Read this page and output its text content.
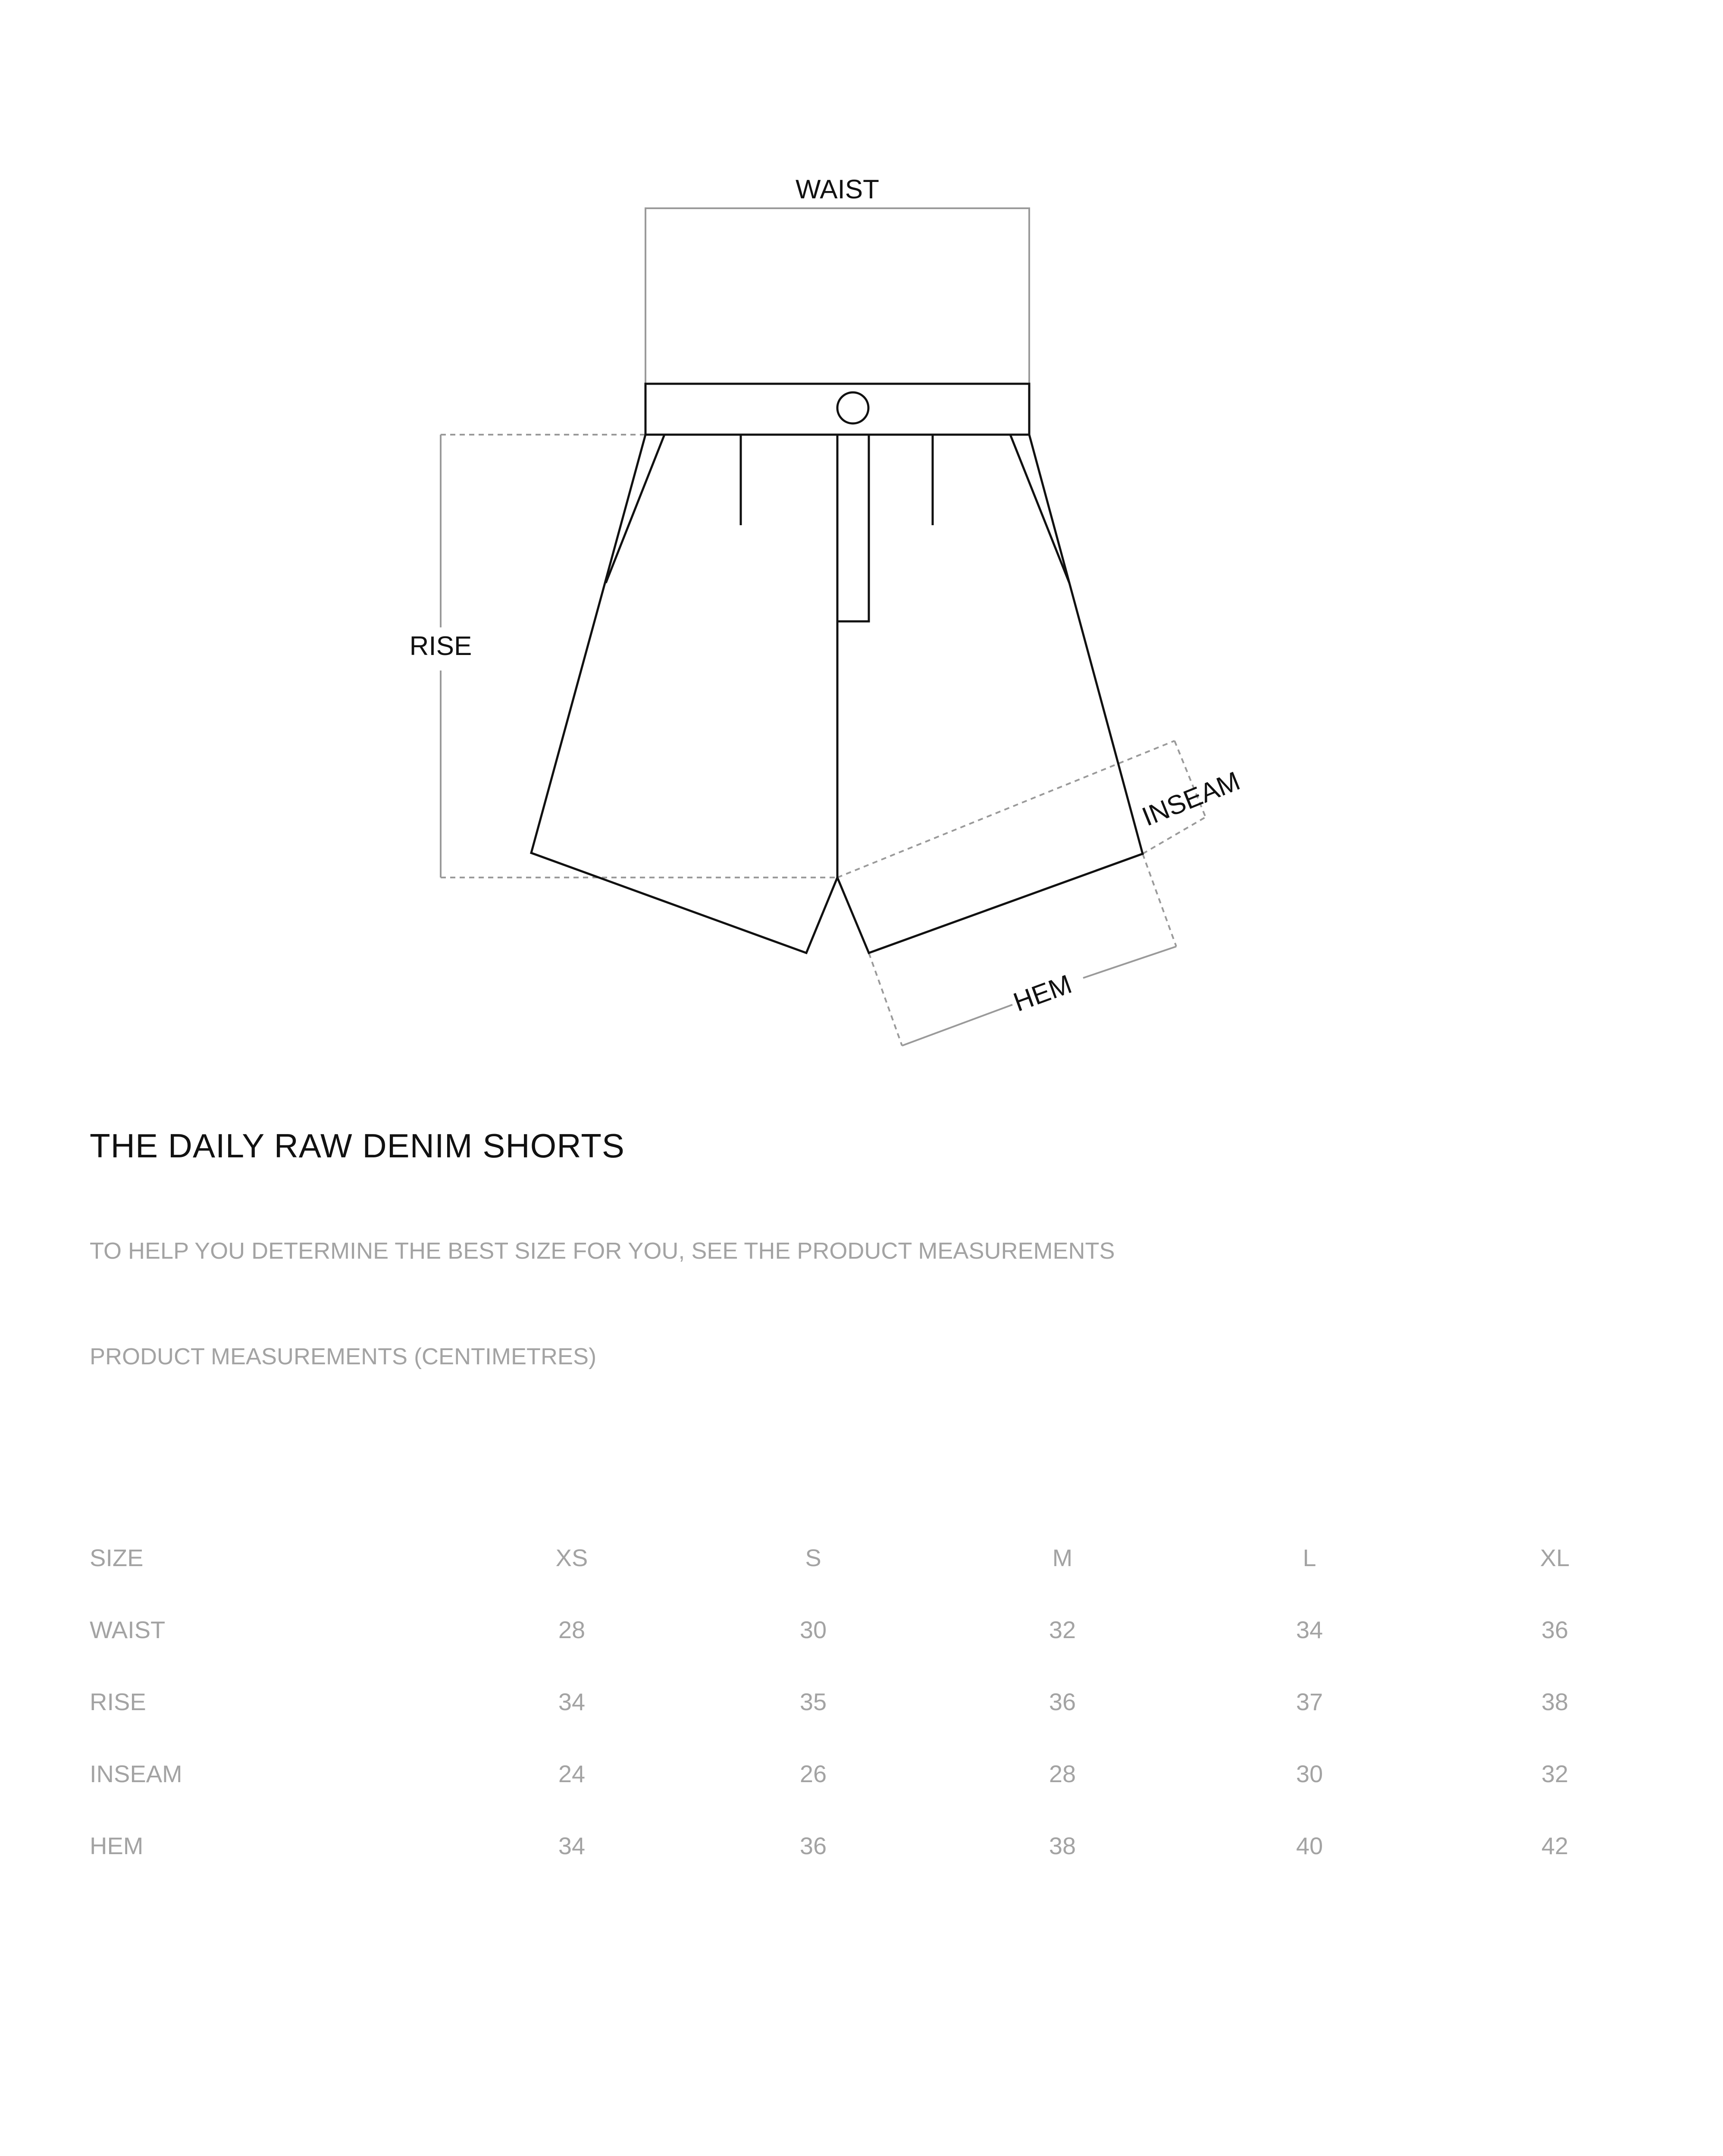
WAIST
RISE
INSEAM
HEM
THE DAILY RAW DENIM SHORTS
TO HELP YOU DETERMINE THE BEST SIZE FOR YOU, SEE THE PRODUCT MEASUREMENTS
PRODUCT MEASUREMENTS (CENTIMETRES)
SIZE	XS	S	M	L	XL
WAIST	28	30	32	34	36
RISE	34	35	36	37	38
INSEAM	24	26	28	30	32
HEM	34	36	38	40	42
